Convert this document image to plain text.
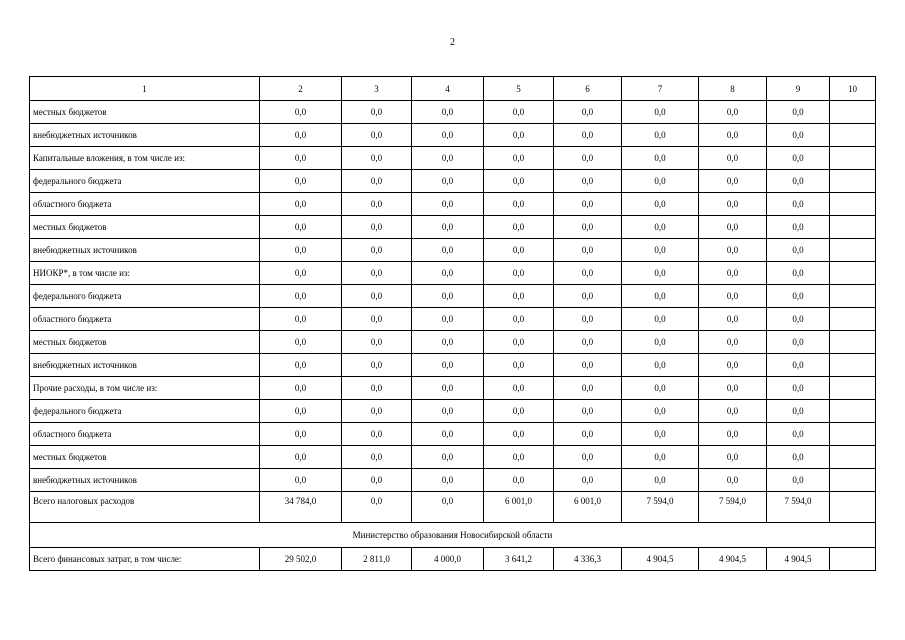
2
1	2	3	4	5	6	7	8	9	10
местных бюджетов	0,0	0,0	0,0	0,0	0,0	0,0	0,0	0,0	
внебюджетных источников	0,0	0,0	0,0	0,0	0,0	0,0	0,0	0,0	
Капитальные вложения, в том числе из:	0,0	0,0	0,0	0,0	0,0	0,0	0,0	0,0	
федерального бюджета	0,0	0,0	0,0	0,0	0,0	0,0	0,0	0,0	
областного бюджета	0,0	0,0	0,0	0,0	0,0	0,0	0,0	0,0	
местных бюджетов	0,0	0,0	0,0	0,0	0,0	0,0	0,0	0,0	
внебюджетных источников	0,0	0,0	0,0	0,0	0,0	0,0	0,0	0,0	
НИОКР*, в том числе из:	0,0	0,0	0,0	0,0	0,0	0,0	0,0	0,0	
федерального бюджета	0,0	0,0	0,0	0,0	0,0	0,0	0,0	0,0	
областного бюджета	0,0	0,0	0,0	0,0	0,0	0,0	0,0	0,0	
местных бюджетов	0,0	0,0	0,0	0,0	0,0	0,0	0,0	0,0	
внебюджетных источников	0,0	0,0	0,0	0,0	0,0	0,0	0,0	0,0	
Прочие расходы, в том числе из:	0,0	0,0	0,0	0,0	0,0	0,0	0,0	0,0	
федерального бюджета	0,0	0,0	0,0	0,0	0,0	0,0	0,0	0,0	
областного бюджета	0,0	0,0	0,0	0,0	0,0	0,0	0,0	0,0	
местных бюджетов	0,0	0,0	0,0	0,0	0,0	0,0	0,0	0,0	
внебюджетных источников	0,0	0,0	0,0	0,0	0,0	0,0	0,0	0,0	
Всего налоговых расходов	34 784,0	0,0	0,0	6 001,0	6 001,0	7 594,0	7 594,0	7 594,0	
Министерство образования Новосибирской области									
Всего финансовых затрат, в том числе:	29 502,0	2 811,0	4 000,0	3 641,2	4 336,3	4 904,5	4 904,5	4 904,5	
